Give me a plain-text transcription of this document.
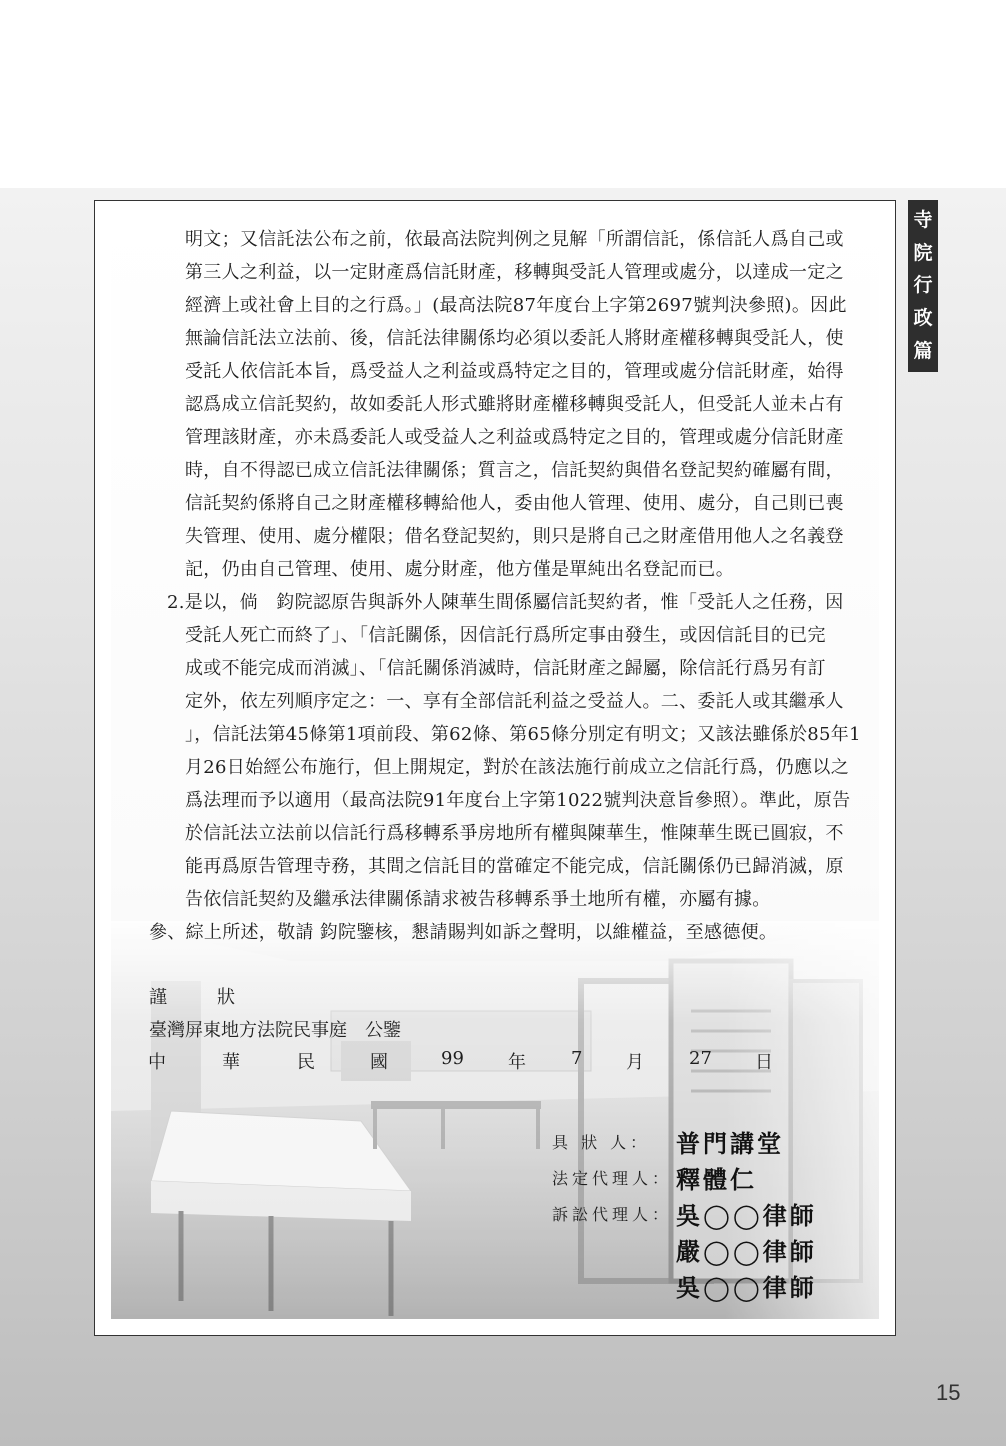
明文；又信託法公布之前，依最高法院判例之見解「所謂信託，係信託人爲自己或
第三人之利益，以一定財產爲信託財產，移轉與受託人管理或處分，以達成一定之
經濟上或社會上目的之行爲。」(最高法院87年度台上字第2697號判決參照)。因此
無論信託法立法前、後，信託法律關係均必須以委託人將財產權移轉與受託人，使
受託人依信託本旨，爲受益人之利益或爲特定之目的，管理或處分信託財產，始得
認爲成立信託契約，故如委託人形式雖將財產權移轉與受託人，但受託人並未占有
管理該財產，亦未爲委託人或受益人之利益或爲特定之目的，管理或處分信託財產
時，自不得認已成立信託法律關係；質言之，信託契約與借名登記契約確屬有間，
信託契約係將自己之財產權移轉給他人，委由他人管理、使用、處分，自己則已喪
失管理、使用、處分權限；借名登記契約，則只是將自己之財產借用他人之名義登
記，仍由自己管理、使用、處分財產，他方僅是單純出名登記而已。
2.是以，倘　鈞院認原告與訴外人陳華生間係屬信託契約者，惟「受託人之任務，因
受託人死亡而終了」、「信託關係，因信託行爲所定事由發生，或因信託目的已完
成或不能完成而消滅」、「信託關係消滅時，信託財產之歸屬，除信託行爲另有訂
定外，依左列順序定之：一、享有全部信託利益之受益人。二、委託人或其繼承人
」，信託法第45條第1項前段、第62條、第65條分別定有明文；又該法雖係於85年1
月26日始經公布施行，但上開規定，對於在該法施行前成立之信託行爲，仍應以之
爲法理而予以適用（最高法院91年度台上字第1022號判決意旨參照）。準此，原告
於信託法立法前以信託行爲移轉系爭房地所有權與陳華生，惟陳華生既已圓寂，不
能再爲原告管理寺務，其間之信託目的當確定不能完成，信託關係仍已歸消滅，原
告依信託契約及繼承法律關係請求被告移轉系爭土地所有權，亦屬有據。
參、綜上所述，敬請 鈞院鑒核，懇請賜判如訴之聲明，以維權益，至感德便。
謹	狀
臺灣屏東地方法院民事庭　公鑒
中	華	民	國	99 年	7 月	27 日
具 狀 人： 普門講堂
法定代理人： 釋體仁
訴訟代理人： 吳◯◯律師
嚴◯◯律師
吳◯◯律師
寺
院
行
政
篇
15
